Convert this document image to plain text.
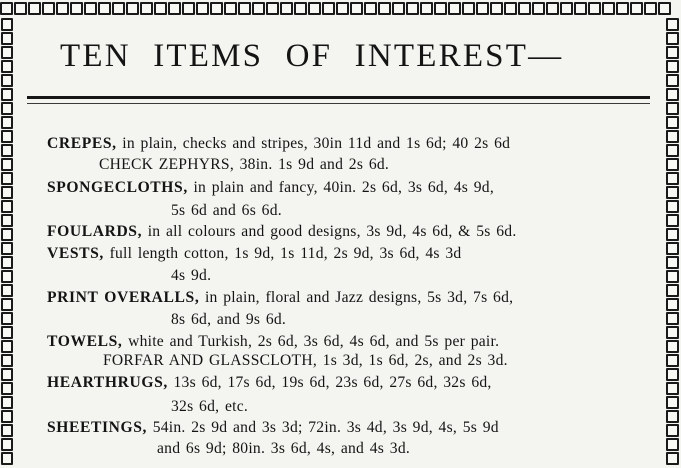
TEN ITEMS OF INTEREST—

CREPES, in plain, checks and stripes, 30in 11d and 1s 6d; 40 2s 6d

CHECK ZEPHYRS, 38in. 1s 9d and 2s 6d.

SPONGECLOTHS, in plain and fancy, 40in. 2s 6d, 3s 6d, 4s 9d,

5s 6d and 6s 6d.

FOULARDS, in all colours and good designs, 3s 9d, 4s 6d, & 5s 6d.

VESTS, full length cotton, 1s 9d, 1s 11d, 2s 9d, 3s 6d, 4s 3d

4s 9d.

PRINT OVERALLS, in plain, floral and Jazz designs, 5s 3d, 7s 6d,

8s 6d, and 9s 6d.

TOWELS, white and Turkish, 2s 6d, 3s 6d, 4s 6d, and 5s per pair.

FORFAR AND GLASSCLOTH, 1s 3d, 1s 6d, 2s, and 2s 3d.

HEARTHRUGS, 13s 6d, 17s 6d, 19s 6d, 23s 6d, 27s 6d, 32s 6d,

32s 6d, etc.

SHEETINGS, 54in. 2s 9d and 3s 3d; 72in. 3s 4d, 3s 9d, 4s, 5s 9d

and 6s 9d; 80in. 3s 6d, 4s, and 4s 3d.
